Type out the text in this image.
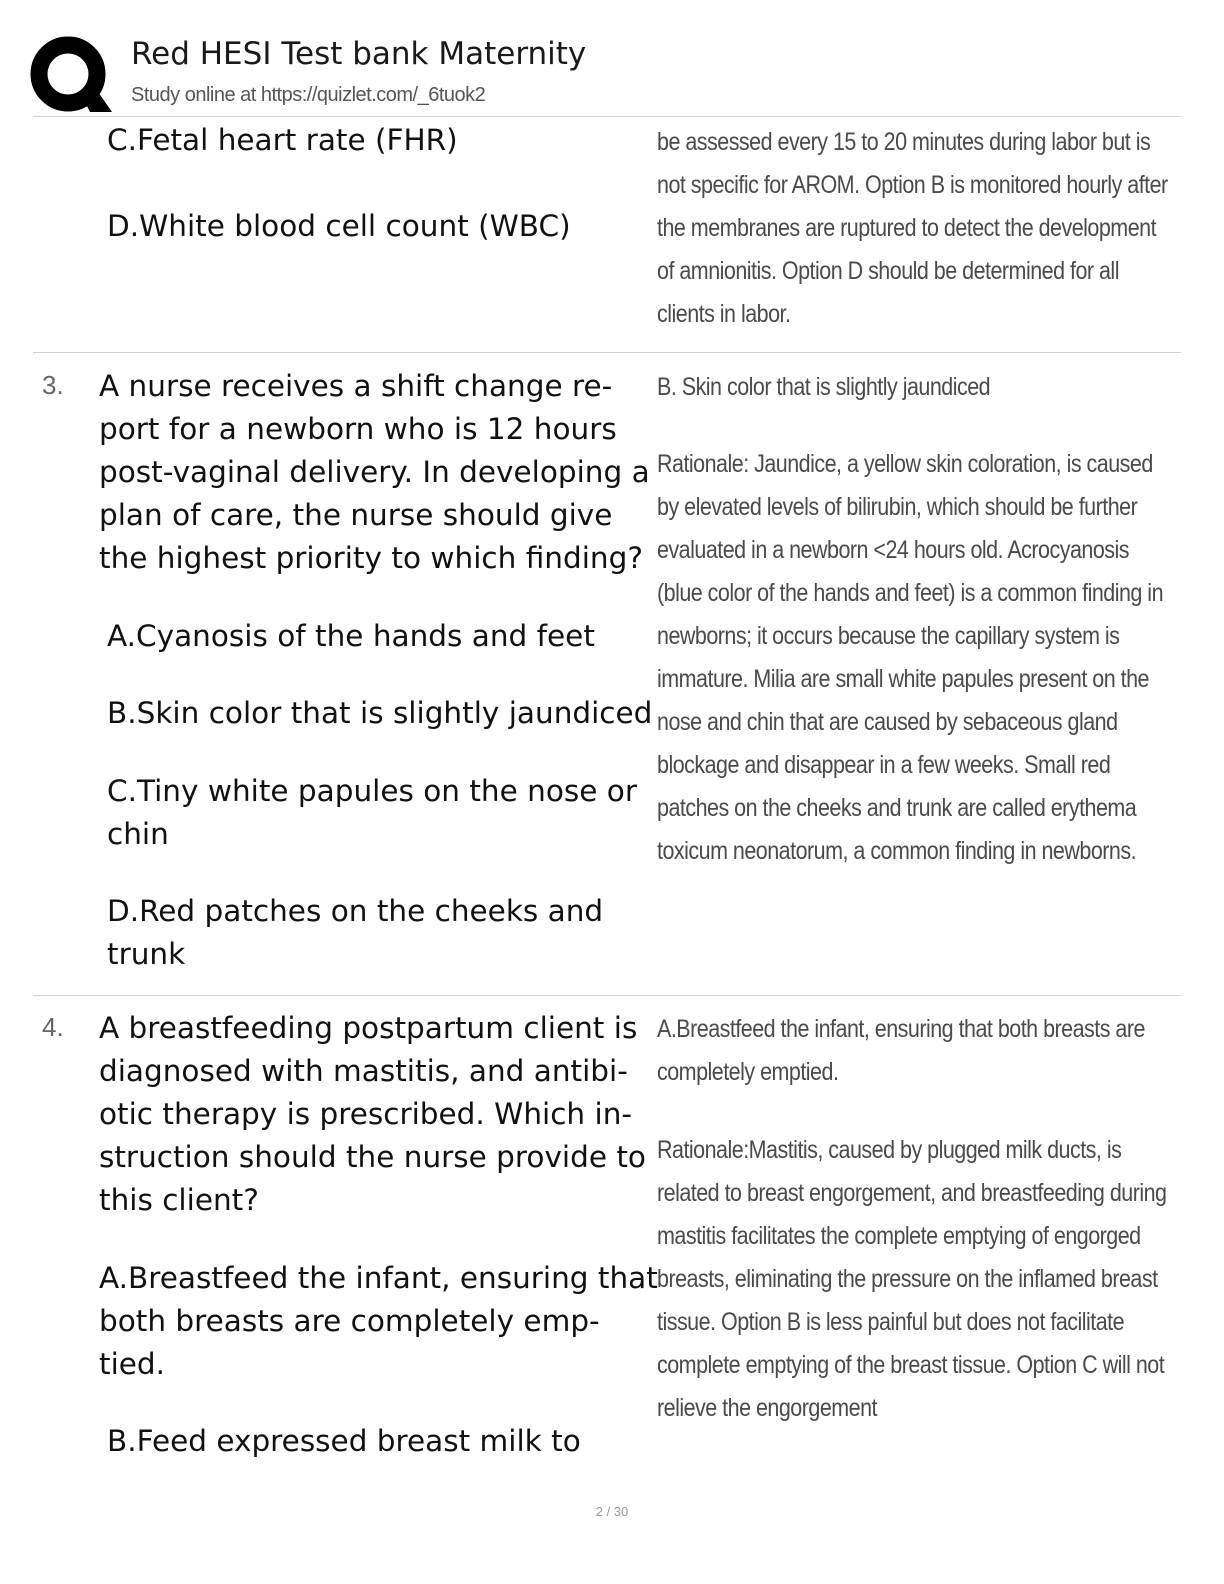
Red HESI Test bank Maternity
Study online at https://quizlet.com/_6tuok2
C.Fetal heart rate (FHR)
D.White blood cell count (WBC)
be assessed every 15 to 20 minutes during labor but is not specific for AROM. Option B is monitored hourly after the membranes are ruptured to detect the development of amnionitis. Option D should be determined for all clients in labor.
3. A nurse receives a shift change re-port for a newborn who is 12 hours post-vaginal delivery. In developing a plan of care, the nurse should give the highest priority to which finding?
A.Cyanosis of the hands and feet
B.Skin color that is slightly jaundiced
C.Tiny white papules on the nose or chin
D.Red patches on the cheeks and trunk
B. Skin color that is slightly jaundiced
Rationale: Jaundice, a yellow skin coloration, is caused by elevated levels of bilirubin, which should be further evaluated in a newborn <24 hours old. Acrocyanosis (blue color of the hands and feet) is a common finding in newborns; it occurs because the capillary system is immature. Milia are small white papules present on the nose and chin that are caused by sebaceous gland blockage and disappear in a few weeks. Small red patches on the cheeks and trunk are called erythema toxicum neonatorum, a common finding in newborns.
4. A breastfeeding postpartum client is diagnosed with mastitis, and antibi-otic therapy is prescribed. Which in-struction should the nurse provide to this client?
A.Breastfeed the infant, ensuring that both breasts are completely emp-tied.
B.Feed expressed breast milk to
A.Breastfeed the infant, ensuring that both breasts are completely emptied.
Rationale:Mastitis, caused by plugged milk ducts, is related to breast engorgement, and breastfeeding during mastitis facilitates the complete emptying of engorged breasts, eliminating the pressure on the inflamed breast tissue. Option B is less painful but does not facilitate complete emptying of the breast tissue. Option C will not relieve the engorgement
2 / 30
